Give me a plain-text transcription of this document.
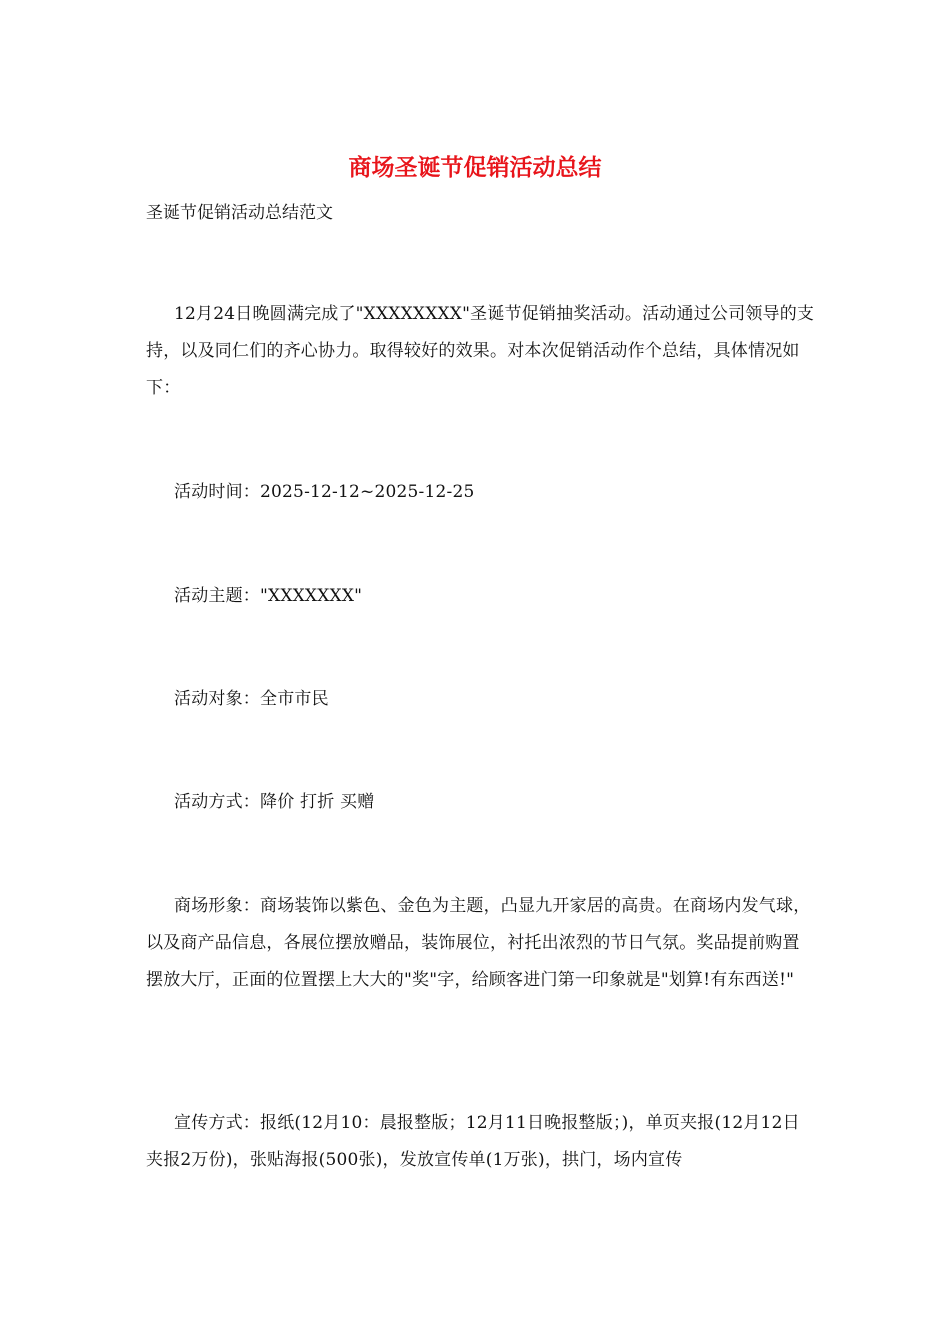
商场圣诞节促销活动总结

圣诞节促销活动总结范文

12月24日晚圆满完成了"XXXXXXXX"圣诞节促销抽奖活动。活动通过公司领导的支持，以及同仁们的齐心协力。取得较好的效果。对本次促销活动作个总结，具体情况如下：

活动时间：2025-12-12~2025-12-25

活动主题："XXXXXXX"

活动对象：全市市民

活动方式：降价 打折 买赠

商场形象：商场装饰以紫色、金色为主题，凸显九开家居的高贵。在商场内发气球，以及商产品信息，各展位摆放赠品，装饰展位，衬托出浓烈的节日气氛。奖品提前购置摆放大厅，正面的位置摆上大大的"奖"字，给顾客进门第一印象就是"划算!有东西送!"

宣传方式：报纸(12月10：晨报整版；12月11日晚报整版；)，单页夹报(12月12日夹报2万份)，张贴海报(500张)，发放宣传单(1万张)，拱门，场内宣传
